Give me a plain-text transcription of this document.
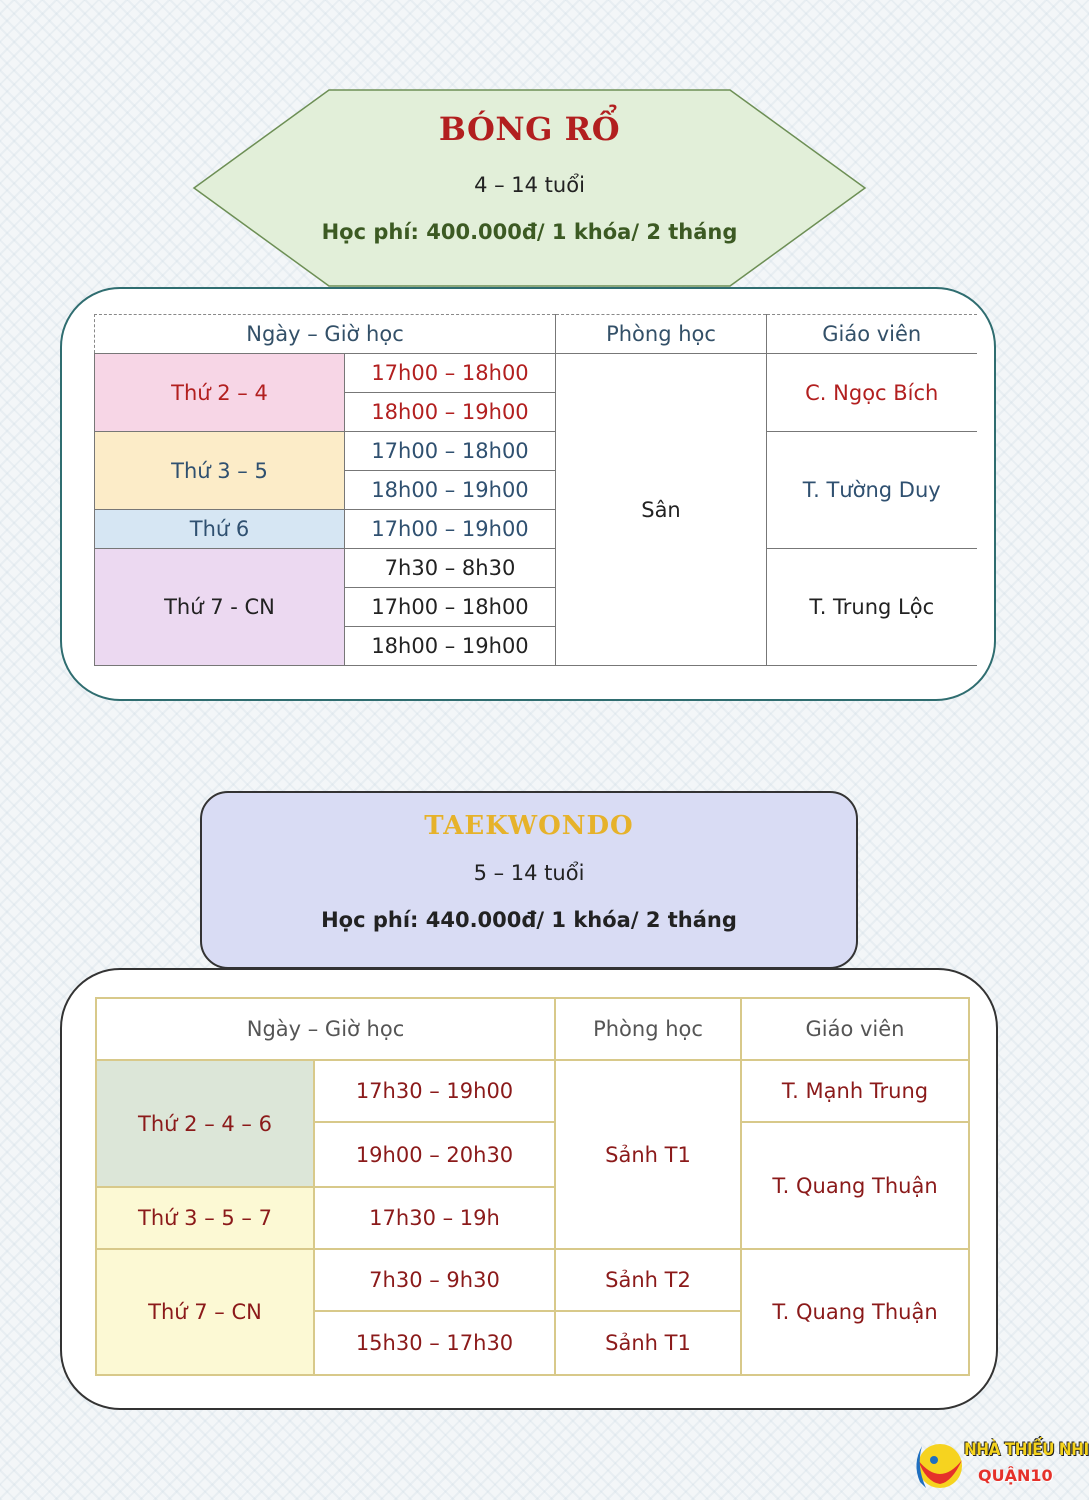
BÓNG RỔ
4 – 14 tuổi
Học phí: 400.000đ/ 1 khóa/ 2 tháng
Ngày – Giờ học		Phòng học	Giáo viên
Thứ 2 – 4	17h00 – 18h00	Sân	C. Ngọc Bích
	18h00 – 19h00		
Thứ 3 – 5	17h00 – 18h00		T. Tường Duy
	18h00 – 19h00		
Thứ 6	17h00 – 19h00		
Thứ 7 - CN	7h30 – 8h30		T. Trung Lộc
	17h00 – 18h00		
	18h00 – 19h00		
TAEKWONDO
5 – 14 tuổi
Học phí: 440.000đ/ 1 khóa/ 2 tháng
Ngày – Giờ học		Phòng học	Giáo viên
Thứ 2 – 4 – 6	17h30 – 19h00	Sảnh T1	T. Mạnh Trung
	19h00 – 20h30		T. Quang Thuận
Thứ 3 – 5 – 7	17h30 – 19h		
Thứ 7 – CN	7h30 – 9h30	Sảnh T2	T. Quang Thuận
	15h30 – 17h30	Sảnh T1	
NHÀ THIẾU NHI
QUẬN10
